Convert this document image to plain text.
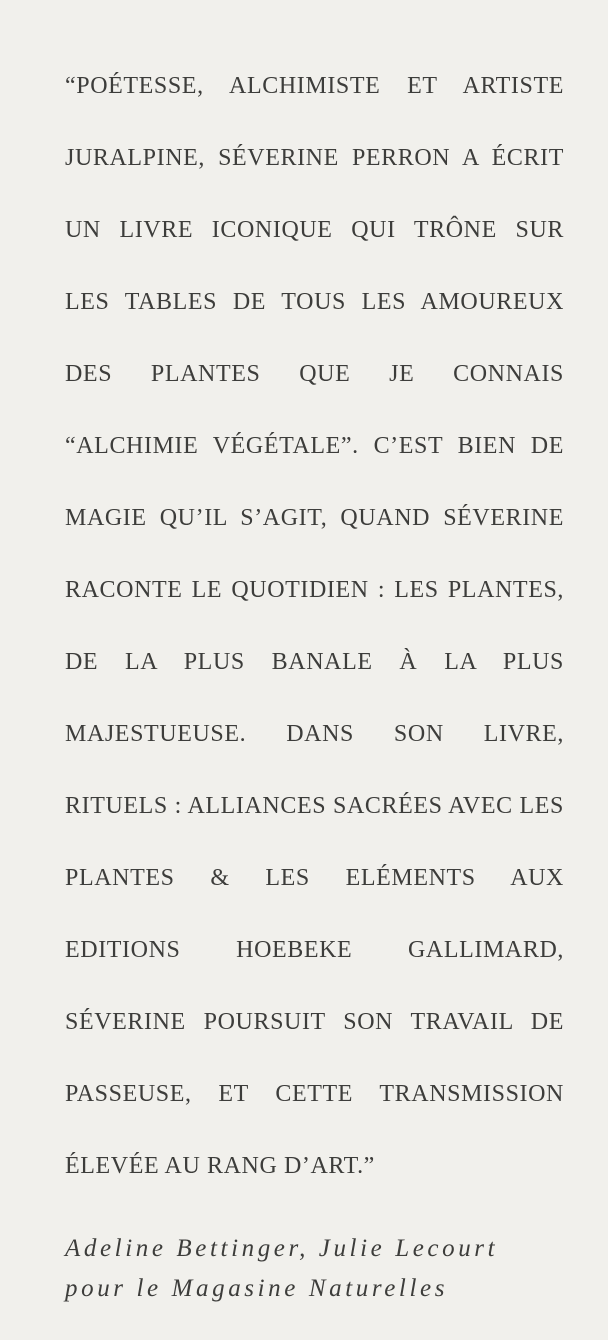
“POÉTESSE, ALCHIMISTE ET ARTISTE
JURALPINE, SÉVERINE PERRON A ÉCRIT
UN LIVRE ICONIQUE QUI TRÔNE SUR
LES TABLES DE TOUS LES AMOUREUX
DES PLANTES QUE JE CONNAIS
“ALCHIMIE VÉGÉTALE”. C’EST BIEN DE
MAGIE QU’IL S’AGIT, QUAND SÉVERINE
RACONTE LE QUOTIDIEN : LES PLANTES,
DE LA PLUS BANALE À LA PLUS
MAJESTUEUSE. DANS SON LIVRE,
RITUELS : ALLIANCES SACRÉES AVEC LES
PLANTES & LES ELÉMENTS AUX
EDITIONS HOEBEKE GALLIMARD,
SÉVERINE POURSUIT SON TRAVAIL DE
PASSEUSE, ET CETTE TRANSMISSION
ÉLEVÉE AU RANG D’ART.”
Adeline Bettinger, Julie Lecourt
pour le Magasine Naturelles
